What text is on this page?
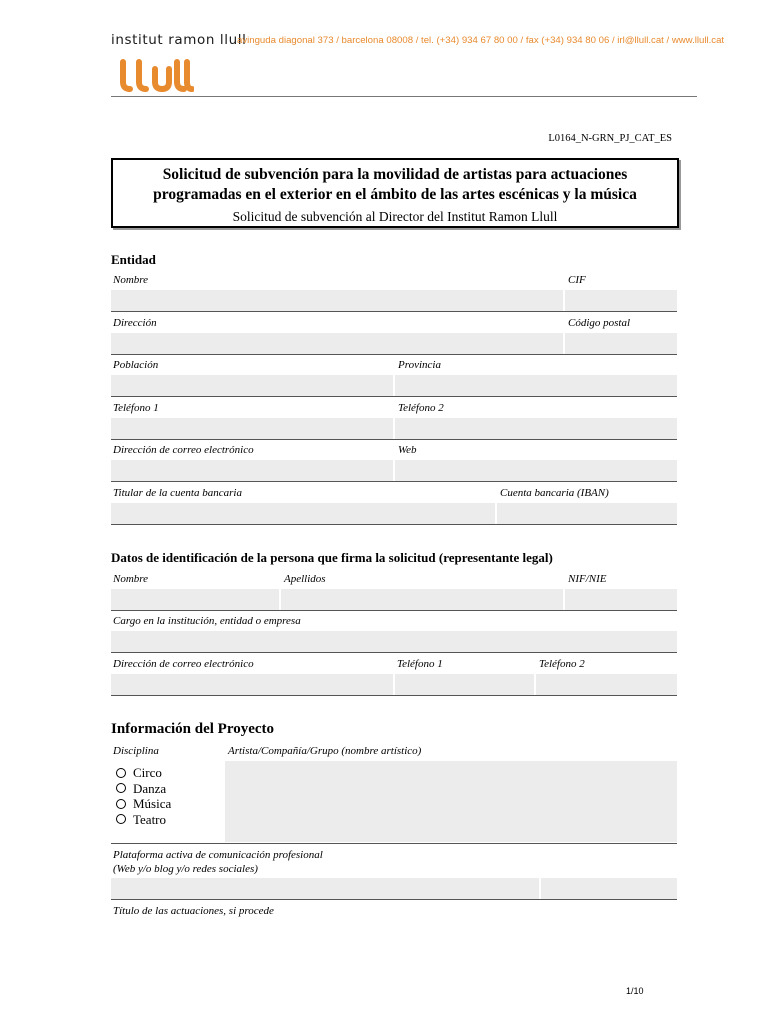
institut ramon llull
avinguda diagonal 373 / barcelona 08008 / tel. (+34) 934 67 80 00 / fax (+34) 934 80 06 / irl@llull.cat / www.llull.cat
L0164_N-GRN_PJ_CAT_ES
Solicitud de subvención para la movilidad de artistas para actuaciones
programadas en el exterior en el ámbito de las artes escénicas y la música
Solicitud de subvención al Director del Institut Ramon Llull
Entidad
Nombre	CIF
Dirección	Código postal
Población	Provincia
Teléfono 1	Teléfono 2
Dirección de correo electrónico	Web
Titular de la cuenta bancaria	Cuenta bancaria (IBAN)
Datos de identificación de la persona que firma la solicitud (representante legal)
Nombre	Apellidos	NIF/NIE
Cargo en la institución, entidad o empresa
Dirección de correo electrónico	Teléfono 1	Teléfono 2
Información del Proyecto
Disciplina	Artista/Compañía/Grupo (nombre artístico)
Circo
Danza
Música
Teatro
Plataforma activa de comunicación profesional
(Web y/o blog y/o redes sociales)
Título de las actuaciones, si procede
1/10
